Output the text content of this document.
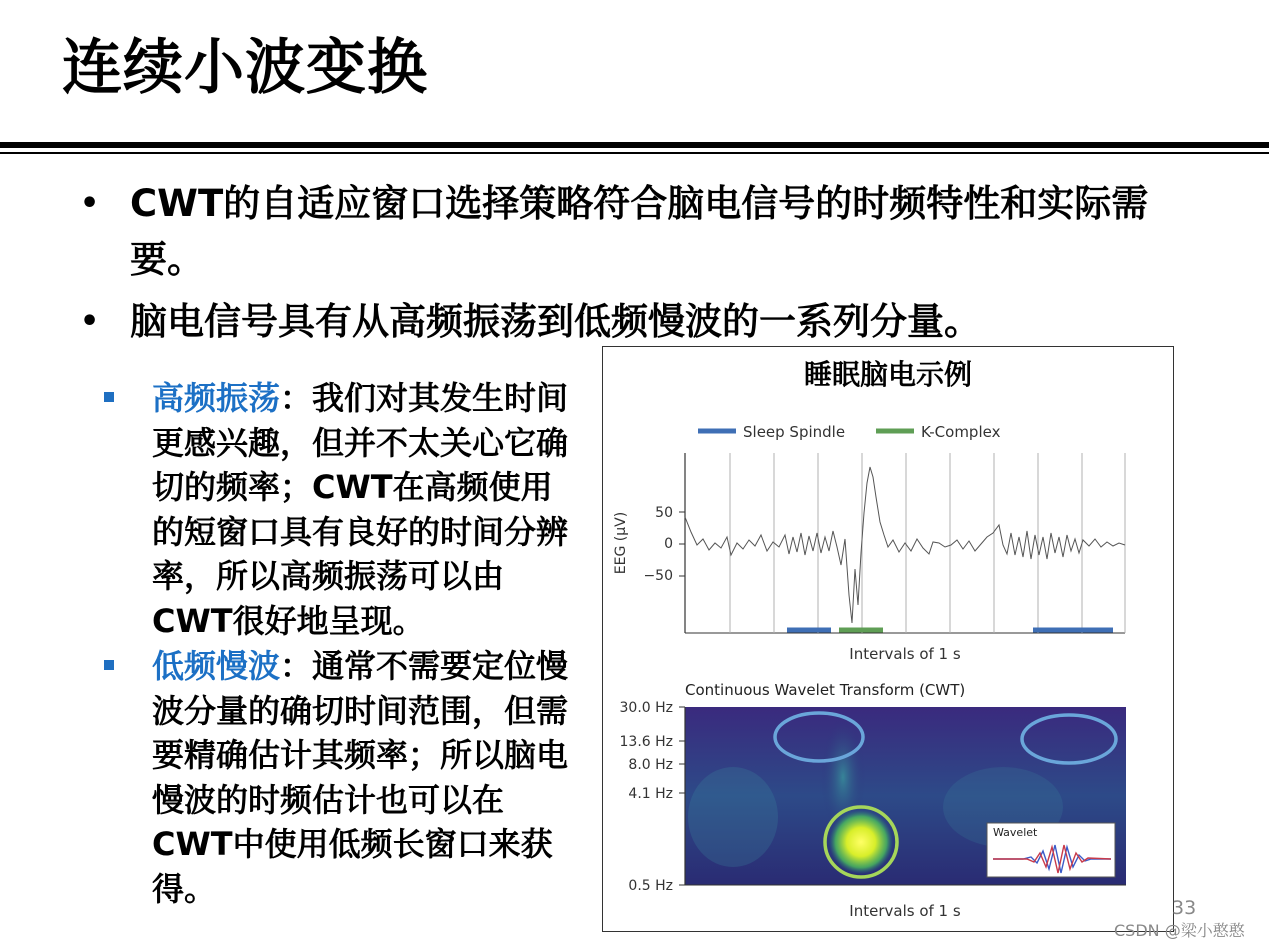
连续小波变换
• CWT的自适应窗口选择策略符合脑电信号的时频特性和实际需要。
• 脑电信号具有从高频振荡到低频慢波的一系列分量。
高频振荡：我们对其发生时间更感兴趣，但并不太关心它确切的频率；CWT在高频使用的短窗口具有良好的时间分辨率，所以高频振荡可以由CWT很好地呈现。
低频慢波：通常不需要定位慢波分量的确切时间范围，但需要精确估计其频率；所以脑电慢波的时频估计也可以在CWT中使用低频长窗口来获得。
睡眠脑电示例
Sleep Spindle	K-Complex
EEG (μV) 50
0
−50
Intervals of 1 s
Continuous Wavelet Transform (CWT)
30.0 Hz
13.6 Hz
8.0 Hz
4.1 Hz
0.5 Hz
Wavelet
Intervals of 1 s	33
CSDN @梁小憨憨
